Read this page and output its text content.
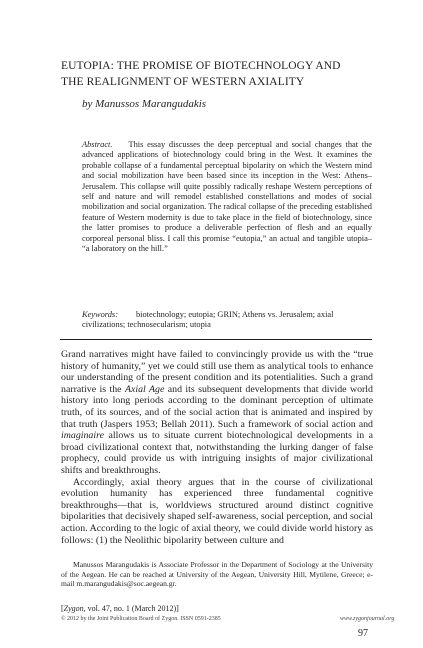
EUTOPIA: THE PROMISE OF BIOTECHNOLOGY AND
THE REALIGNMENT OF WESTERN AXIALITY
by Manussos Marangudakis
Abstract. This essay discusses the deep perceptual and social changes that the advanced applications of biotechnology could bring in the West. It examines the probable collapse of a fundamental perceptual bipolarity on which the Western mind and social mobilization have been based since its inception in the West: Athens–Jerusalem. This collapse will quite possibly radically reshape Western perceptions of self and nature and will remodel established constellations and modes of social mobilization and social organization. The radical collapse of the preceding established feature of Western modernity is due to take place in the field of biotechnology, since the latter promises to produce a deliverable perfection of flesh and an equally corporeal personal bliss. I call this promise “eutopia,” an actual and tangible utopia– “a laboratory on the hill.”
Keywords: biotechnology; eutopia; GRIN; Athens vs. Jerusalem; axial civilizations; technosecularism; utopia

Grand narratives might have failed to convincingly provide us with the “true history of humanity,” yet we could still use them as analytical tools to enhance our understanding of the present condition and its potentialities. Such a grand narrative is the Axial Age and its subsequent developments that divide world history into long periods according to the dominant perception of ultimate truth, of its sources, and of the social action that is animated and inspired by that truth (Jaspers 1953; Bellah 2011). Such a framework of social action and imaginaire allows us to situate current biotechnological developments in a broad civilizational context that, notwithstanding the lurking danger of false prophecy, could provide us with intriguing insights of major civilizational shifts and breakthroughs.

Accordingly, axial theory argues that in the course of civilizational evolution humanity has experienced three fundamental cognitive breakthroughs—that is, worldviews structured around distinct cognitive bipolarities that decisively shaped self-awareness, social perception, and social action. According to the logic of axial theory, we could divide world history as follows: (1) the Neolithic bipolarity between culture and

Manussos Marangudakis is Associate Professor in the Department of Sociology at the University of the Aegean. He can be reached at University of the Aegean, University Hill, Mytilene, Greece; e-mail m.marangudakis@soc.aegean.gr.
[Zygon, vol. 47, no. 1 (March 2012)]
© 2012 by the Joint Publication Board of Zygon. ISSN 0591-2385	www.zygonjournal.org
97
